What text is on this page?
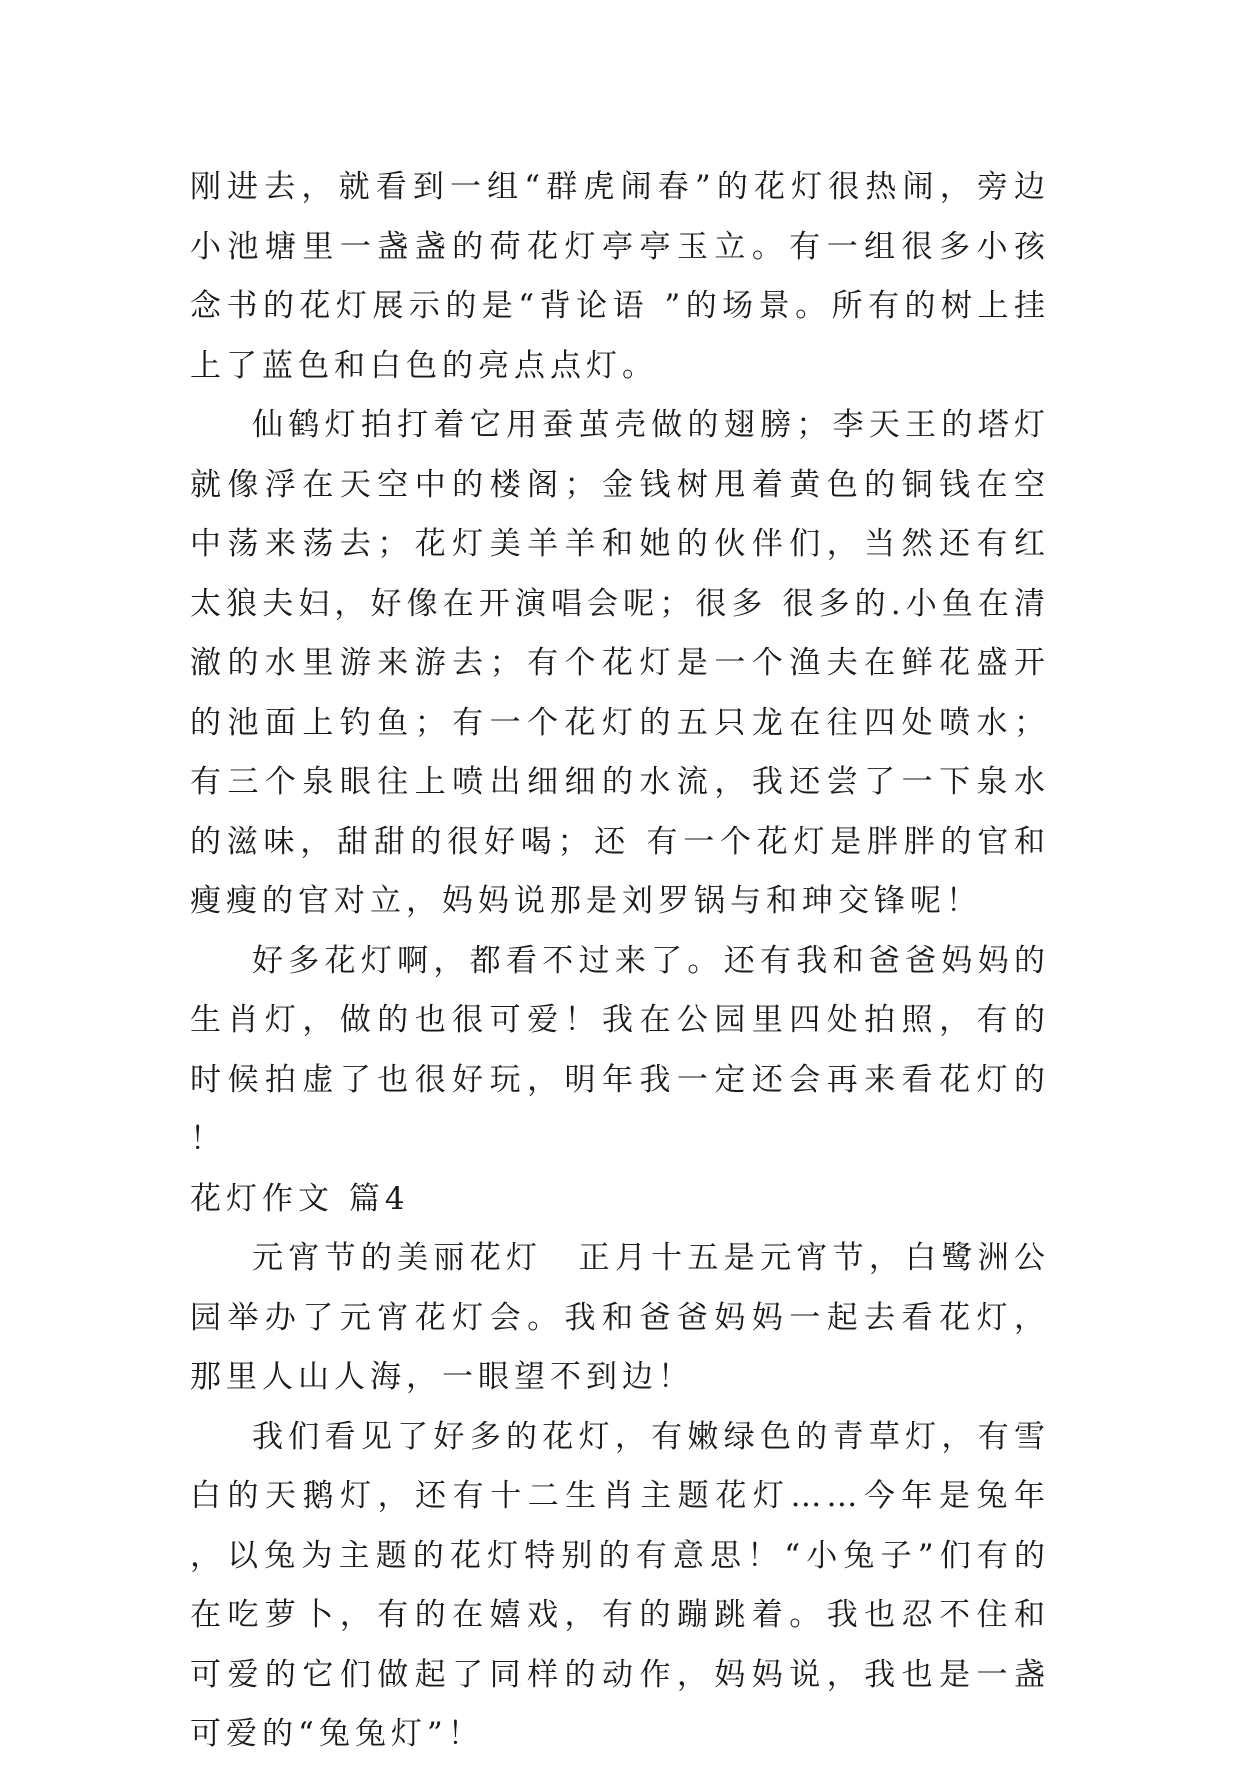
刚进去，就看到一组“群虎闹春”的花灯很热闹，旁边小池塘里一盏盏的荷花灯亭亭玉立。有一组很多小孩念书的花灯展示的是“背论语 ”的场景。所有的树上挂上了蓝色和白色的亮点点灯。

仙鹤灯拍打着它用蚕茧壳做的翅膀；李天王的塔灯就像浮在天空中的楼阁；金钱树甩着黄色的铜钱在空中荡来荡去；花灯美羊羊和她的伙伴们，当然还有红太狼夫妇，好像在开演唱会呢；很多 很多的.小鱼在清澈的水里游来游去；有个花灯是一个渔夫在鲜花盛开的池面上钓鱼；有一个花灯的五只龙在往四处喷水；有三个泉眼往上喷出细细的水流，我还尝了一下泉水的滋味，甜甜的很好喝；还 有一个花灯是胖胖的官和瘦瘦的官对立，妈妈说那是刘罗锅与和珅交锋呢！

好多花灯啊，都看不过来了。还有我和爸爸妈妈的生肖灯，做的也很可爱！我在公园里四处拍照，有的时候拍虚了也很好玩，明年我一定还会再来看花灯的！

花灯作文 篇4

元宵节的美丽花灯　正月十五是元宵节，白鹭洲公园举办了元宵花灯会。我和爸爸妈妈一起去看花灯，那里人山人海，一眼望不到边！

我们看见了好多的花灯，有嫩绿色的青草灯，有雪白的天鹅灯，还有十二生肖主题花灯……今年是兔年，以兔为主题的花灯特别的有意思！“小兔子”们有的在吃萝卜，有的在嬉戏，有的蹦跳着。我也忍不住和可爱的它们做起了同样的动作，妈妈说，我也是一盏可爱的“兔兔灯”！
